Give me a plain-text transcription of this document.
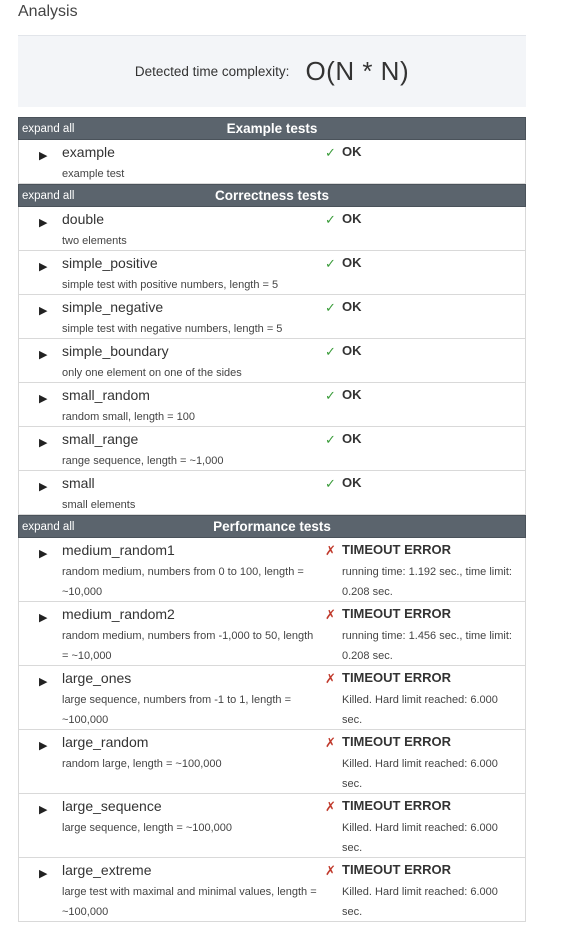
Analysis
Detected time complexity: O(N * N)
expand all	Example tests
▶ example
example test
✓ OK
expand all	Correctness tests
▶ double
two elements
✓ OK
▶ simple_positive
simple test with positive numbers, length = 5
✓ OK
▶ simple_negative
simple test with negative numbers, length = 5
✓ OK
▶ simple_boundary
only one element on one of the sides
✓ OK
▶ small_random
random small, length = 100
✓ OK
▶ small_range
range sequence, length = ~1,000
✓ OK
▶ small
small elements
✓ OK
expand all	Performance tests
▶ medium_random1
random medium, numbers from 0 to 100, length = ~10,000
✗ TIMEOUT ERROR
running time: 1.192 sec., time limit: 0.208 sec.
▶ medium_random2
random medium, numbers from -1,000 to 50, length = ~10,000
✗ TIMEOUT ERROR
running time: 1.456 sec., time limit: 0.208 sec.
▶ large_ones
large sequence, numbers from -1 to 1, length = ~100,000
✗ TIMEOUT ERROR
Killed. Hard limit reached: 6.000 sec.
▶ large_random
random large, length = ~100,000
✗ TIMEOUT ERROR
Killed. Hard limit reached: 6.000 sec.
▶ large_sequence
large sequence, length = ~100,000
✗ TIMEOUT ERROR
Killed. Hard limit reached: 6.000 sec.
▶ large_extreme
large test with maximal and minimal values, length = ~100,000
✗ TIMEOUT ERROR
Killed. Hard limit reached: 6.000 sec.
